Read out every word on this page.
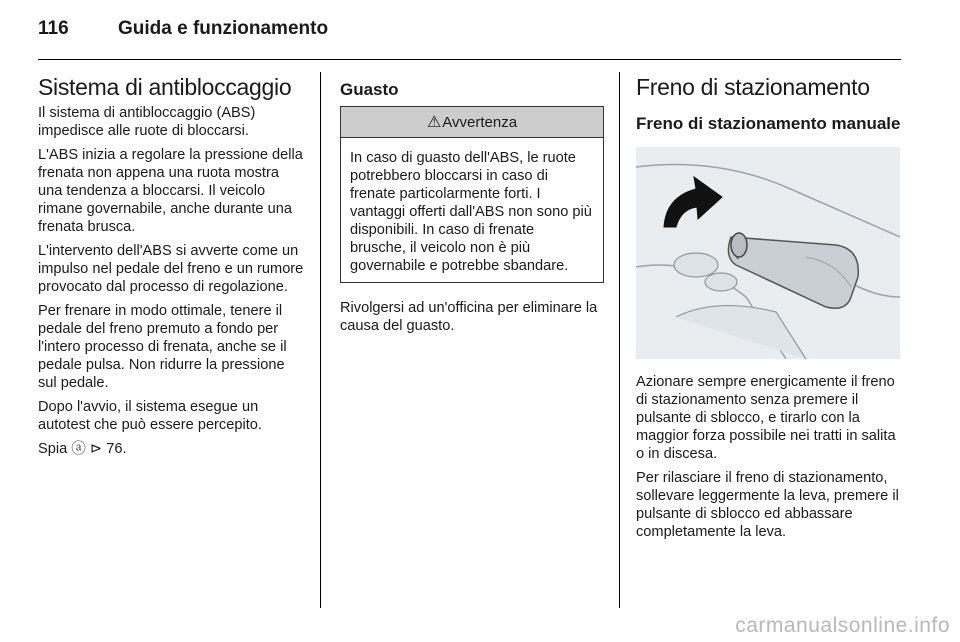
116	Guida e funzionamento
Sistema di antibloccaggio

Il sistema di antibloccaggio (ABS) impedisce alle ruote di bloccarsi.

L'ABS inizia a regolare la pressione della frenata non appena una ruota mostra una tendenza a bloccarsi. Il veicolo rimane governabile, anche durante una frenata brusca.

L'intervento dell'ABS si avverte come un impulso nel pedale del freno e un rumore provocato dal processo di regolazione.

Per frenare in modo ottimale, tenere il pedale del freno premuto a fondo per l'intero processo di frenata, anche se il pedale pulsa. Non ridurre la pressione sul pedale.

Dopo l'avvio, il sistema esegue un autotest che può essere percepito.

Spia ⓐ ⊳ 76.

Guasto
⚠Avvertenza

In caso di guasto dell'ABS, le ruote potrebbero bloccarsi in caso di frenate particolarmente forti. I vantaggi offerti dall'ABS non sono più disponibili. In caso di frenate brusche, il veicolo non è più governabile e potrebbe sbandare.

Rivolgersi ad un'officina per eliminare la causa del guasto.

Freno di stazionamento
Freno di stazionamento manuale

Azionare sempre energicamente il freno di stazionamento senza premere il pulsante di sblocco, e tirarlo con la maggior forza possibile nei tratti in salita o in discesa.

Per rilasciare il freno di stazionamento, sollevare leggermente la leva, premere il pulsante di sblocco ed abbassare completamente la leva.

carmanualsonline.info
